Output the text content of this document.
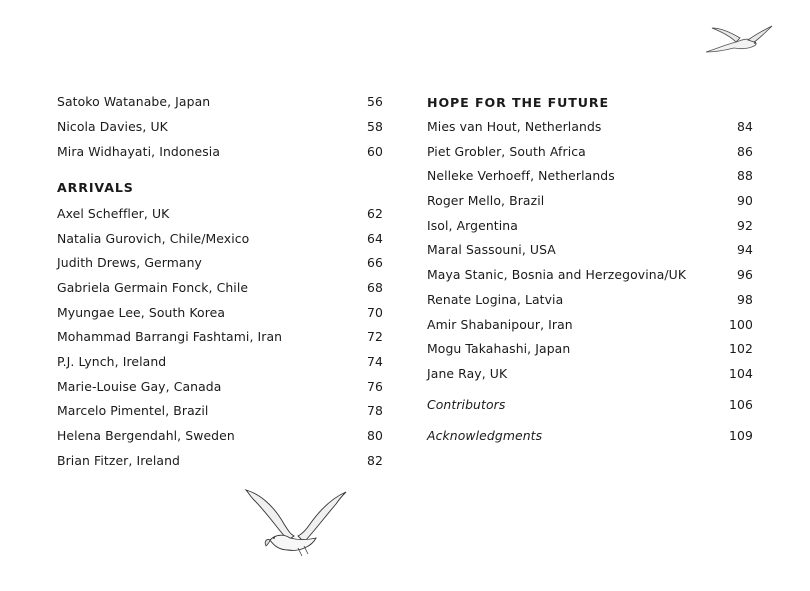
Satoko Watanabe, Japan	56
Nicola Davies, UK	58
Mira Widhayati, Indonesia	60
ARRIVALS
Axel Scheffler, UK	62
Natalia Gurovich, Chile/Mexico	64
Judith Drews, Germany	66
Gabriela Germain Fonck, Chile	68
Myungae Lee, South Korea	70
Mohammad Barrangi Fashtami, Iran	72
P.J. Lynch, Ireland	74
Marie-Louise Gay, Canada	76
Marcelo Pimentel, Brazil	78
Helena Bergendahl, Sweden	80
Brian Fitzer, Ireland	82
HOPE FOR THE FUTURE
Mies van Hout, Netherlands	84
Piet Grobler, South Africa	86
Nelleke Verhoeff, Netherlands	88
Roger Mello, Brazil	90
Isol, Argentina	92
Maral Sassouni, USA	94
Maya Stanic, Bosnia and Herzegovina/UK	96
Renate Logina, Latvia	98
Amir Shabanipour, Iran	100
Mogu Takahashi, Japan	102
Jane Ray, UK	104
Contributors	106
Acknowledgments	109
